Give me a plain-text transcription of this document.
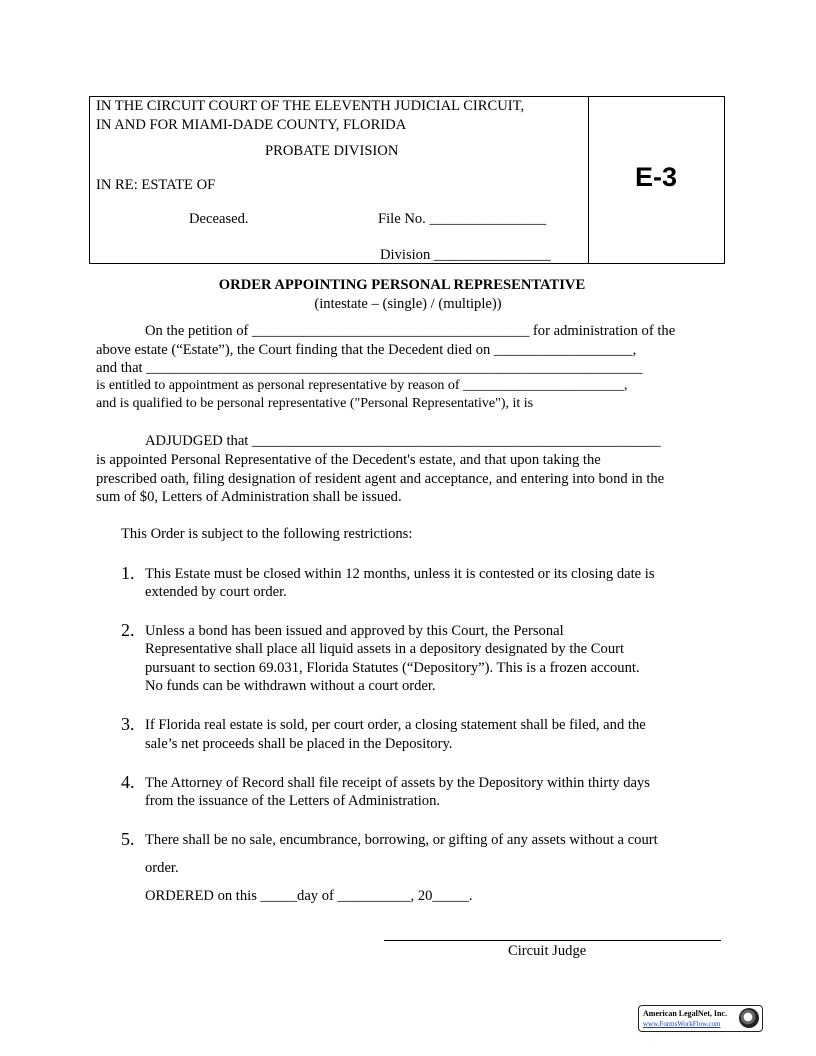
IN THE CIRCUIT COURT OF THE ELEVENTH JUDICIAL CIRCUIT,
IN AND FOR MIAMI-DADE COUNTY, FLORIDA
PROBATE DIVISION
IN RE: ESTATE OF
Deceased.	File No. ________________
Division ________________
E-3
ORDER APPOINTING PERSONAL REPRESENTATIVE
(intestate – (single) / (multiple))
On the petition of ______________________________________ for administration of the
above estate (“Estate”), the Court finding that the Decedent died on ___________________,
and that ____________________________________________________________________
is entitled to appointment as personal representative by reason of _______________________,
and is qualified to be personal representative ("Personal Representative"), it is
ADJUDGED that ________________________________________________________
is appointed Personal Representative of the Decedent's estate, and that upon taking the
prescribed oath, filing designation of resident agent and acceptance, and entering into bond in the
sum of $0, Letters of Administration shall be issued.
This Order is subject to the following restrictions:
1. This Estate must be closed within 12 months, unless it is contested or its closing date is
extended by court order.
2. Unless a bond has been issued and approved by this Court, the Personal
Representative shall place all liquid assets in a depository designated by the Court
pursuant to section 69.031, Florida Statutes (“Depository”). This is a frozen account.
No funds can be withdrawn without a court order.
3. If Florida real estate is sold, per court order, a closing statement shall be filed, and the
sale’s net proceeds shall be placed in the Depository.
4. The Attorney of Record shall file receipt of assets by the Depository within thirty days
from the issuance of the Letters of Administration.
5. There shall be no sale, encumbrance, borrowing, or gifting of any assets without a court
order.
ORDERED on this _____day of __________, 20_____.
Circuit Judge
American LegalNet, Inc.
www.FormsWorkFlow.com
